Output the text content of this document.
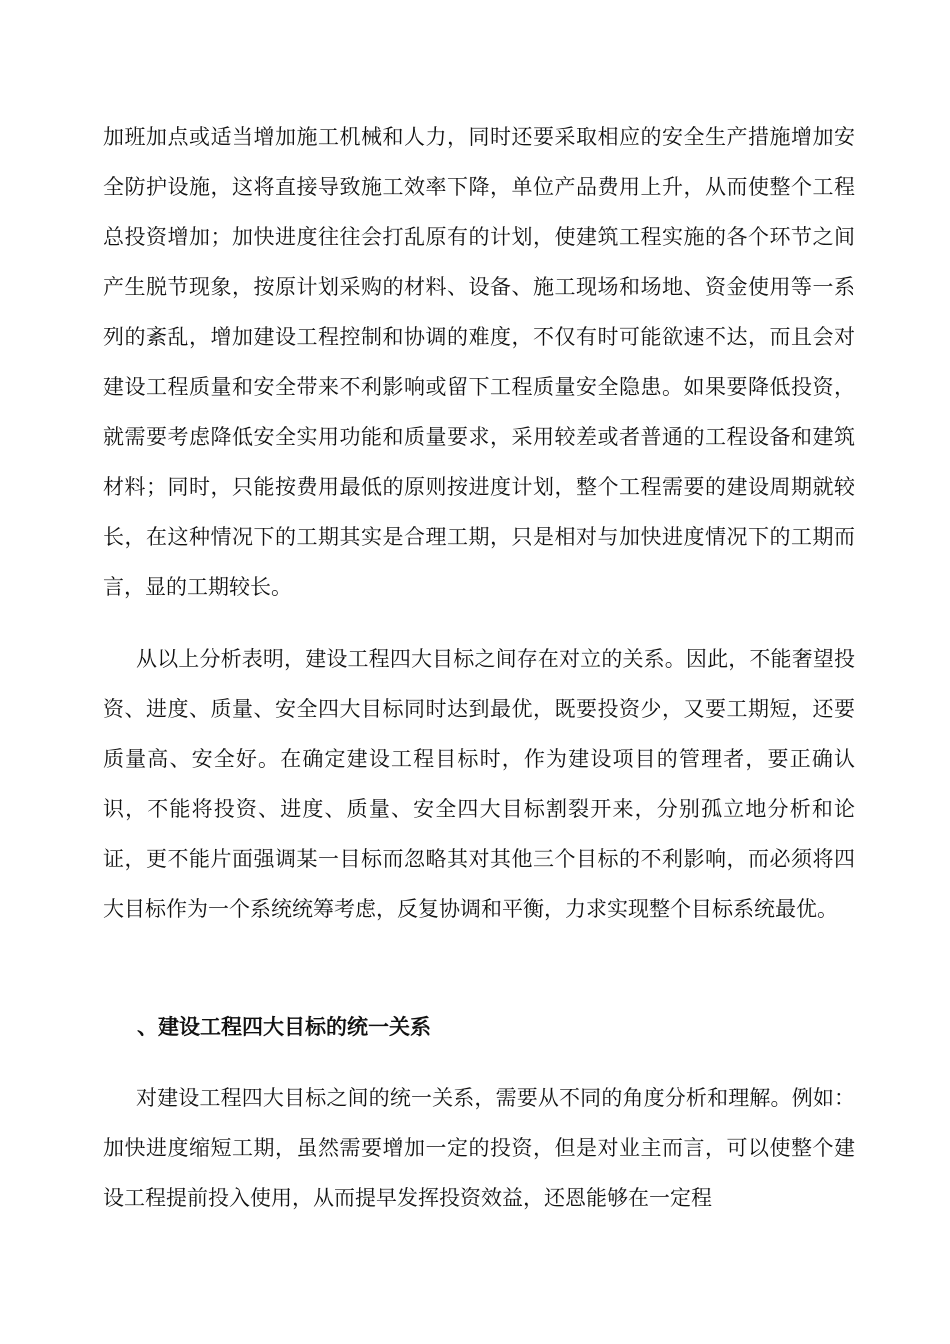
加班加点或适当增加施工机械和人力，同时还要采取相应的安全生产措施增加安全防护设施，这将直接导致施工效率下降，单位产品费用上升，从而使整个工程总投资增加；加快进度往往会打乱原有的计划，使建筑工程实施的各个环节之间产生脱节现象，按原计划采购的材料、设备、施工现场和场地、资金使用等一系列的紊乱，增加建设工程控制和协调的难度，不仅有时可能欲速不达，而且会对建设工程质量和安全带来不利影响或留下工程质量安全隐患。如果要降低投资，就需要考虑降低安全实用功能和质量要求，采用较差或者普通的工程设备和建筑材料；同时，只能按费用最低的原则按进度计划，整个工程需要的建设周期就较长，在这种情况下的工期其实是合理工期，只是相对与加快进度情况下的工期而言，显的工期较长。

从以上分析表明，建设工程四大目标之间存在对立的关系。因此，不能奢望投资、进度、质量、安全四大目标同时达到最优，既要投资少，又要工期短，还要质量高、安全好。在确定建设工程目标时，作为建设项目的管理者，要正确认识，不能将投资、进度、质量、安全四大目标割裂开来，分别孤立地分析和论证，更不能片面强调某一目标而忽略其对其他三个目标的不利影响，而必须将四大目标作为一个系统统筹考虑，反复协调和平衡，力求实现整个目标系统最优。

、建设工程四大目标的统一关系

对建设工程四大目标之间的统一关系，需要从不同的角度分析和理解。例如：加快进度缩短工期，虽然需要增加一定的投资，但是对业主而言，可以使整个建设工程提前投入使用，从而提早发挥投资效益，还恩能够在一定程
